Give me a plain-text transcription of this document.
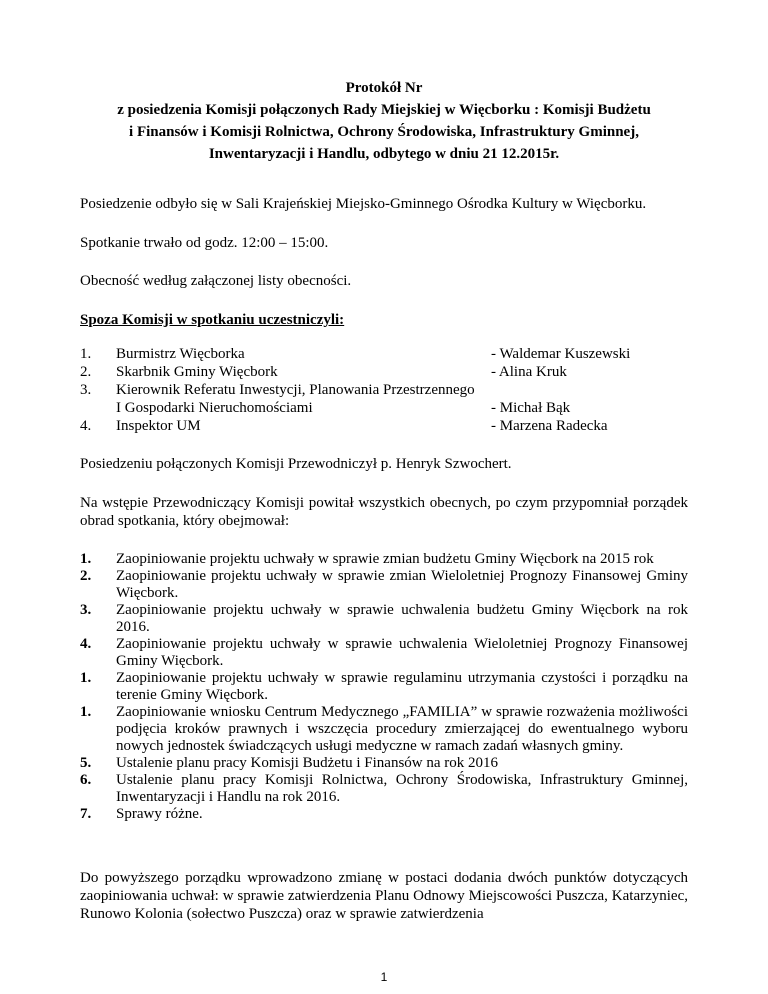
Protokół Nr
z posiedzenia Komisji połączonych Rady Miejskiej w Więcborku : Komisji Budżetu
i Finansów i Komisji Rolnictwa, Ochrony Środowiska, Infrastruktury Gminnej,
Inwentaryzacji i Handlu, odbytego w dniu 21 12.2015r.
Posiedzenie odbyło się w Sali Krajeńskiej Miejsko-Gminnego Ośrodka Kultury w Więcborku.
Spotkanie trwało od godz. 12:00 – 15:00.
Obecność według załączonej listy obecności.
Spoza Komisji w spotkaniu uczestniczyli:
1.	Burmistrz Więcborka	- Waldemar Kuszewski
2.	Skarbnik Gminy Więcbork	- Alina Kruk
3.	Kierownik Referatu Inwestycji, Planowania Przestrzennego
I Gospodarki Nieruchomościami	- Michał Bąk
4.	Inspektor UM	- Marzena Radecka
Posiedzeniu połączonych Komisji Przewodniczył p. Henryk Szwochert.
Na wstępie Przewodniczący Komisji powitał wszystkich obecnych, po czym przypomniał porządek obrad spotkania, który obejmował:
1.	Zaopiniowanie projektu uchwały w sprawie zmian budżetu Gminy Więcbork na 2015 rok
2.	Zaopiniowanie projektu uchwały w sprawie zmian Wieloletniej Prognozy Finansowej Gminy Więcbork.
3.	Zaopiniowanie projektu uchwały w sprawie uchwalenia budżetu Gminy Więcbork na rok 2016.
4.	Zaopiniowanie projektu uchwały w sprawie uchwalenia Wieloletniej Prognozy Finansowej Gminy Więcbork.
1.	Zaopiniowanie projektu uchwały w sprawie regulaminu utrzymania czystości i porządku na terenie Gminy Więcbork.
1.	Zaopiniowanie wniosku Centrum Medycznego „FAMILIA” w sprawie rozważenia możliwości podjęcia kroków prawnych i wszczęcia procedury zmierzającej do ewentualnego wyboru nowych jednostek świadczących usługi medyczne w ramach zadań własnych gminy.
5.	Ustalenie planu pracy Komisji Budżetu i Finansów na rok 2016
6.	Ustalenie planu pracy Komisji Rolnictwa, Ochrony Środowiska, Infrastruktury Gminnej, Inwentaryzacji i Handlu na rok 2016.
7.	Sprawy różne.
Do powyższego porządku wprowadzono zmianę w postaci dodania dwóch punktów dotyczących zaopiniowania uchwał: w sprawie zatwierdzenia Planu Odnowy Miejscowości Puszcza, Katarzyniec, Runowo Kolonia (sołectwo Puszcza) oraz w sprawie zatwierdzenia
1
